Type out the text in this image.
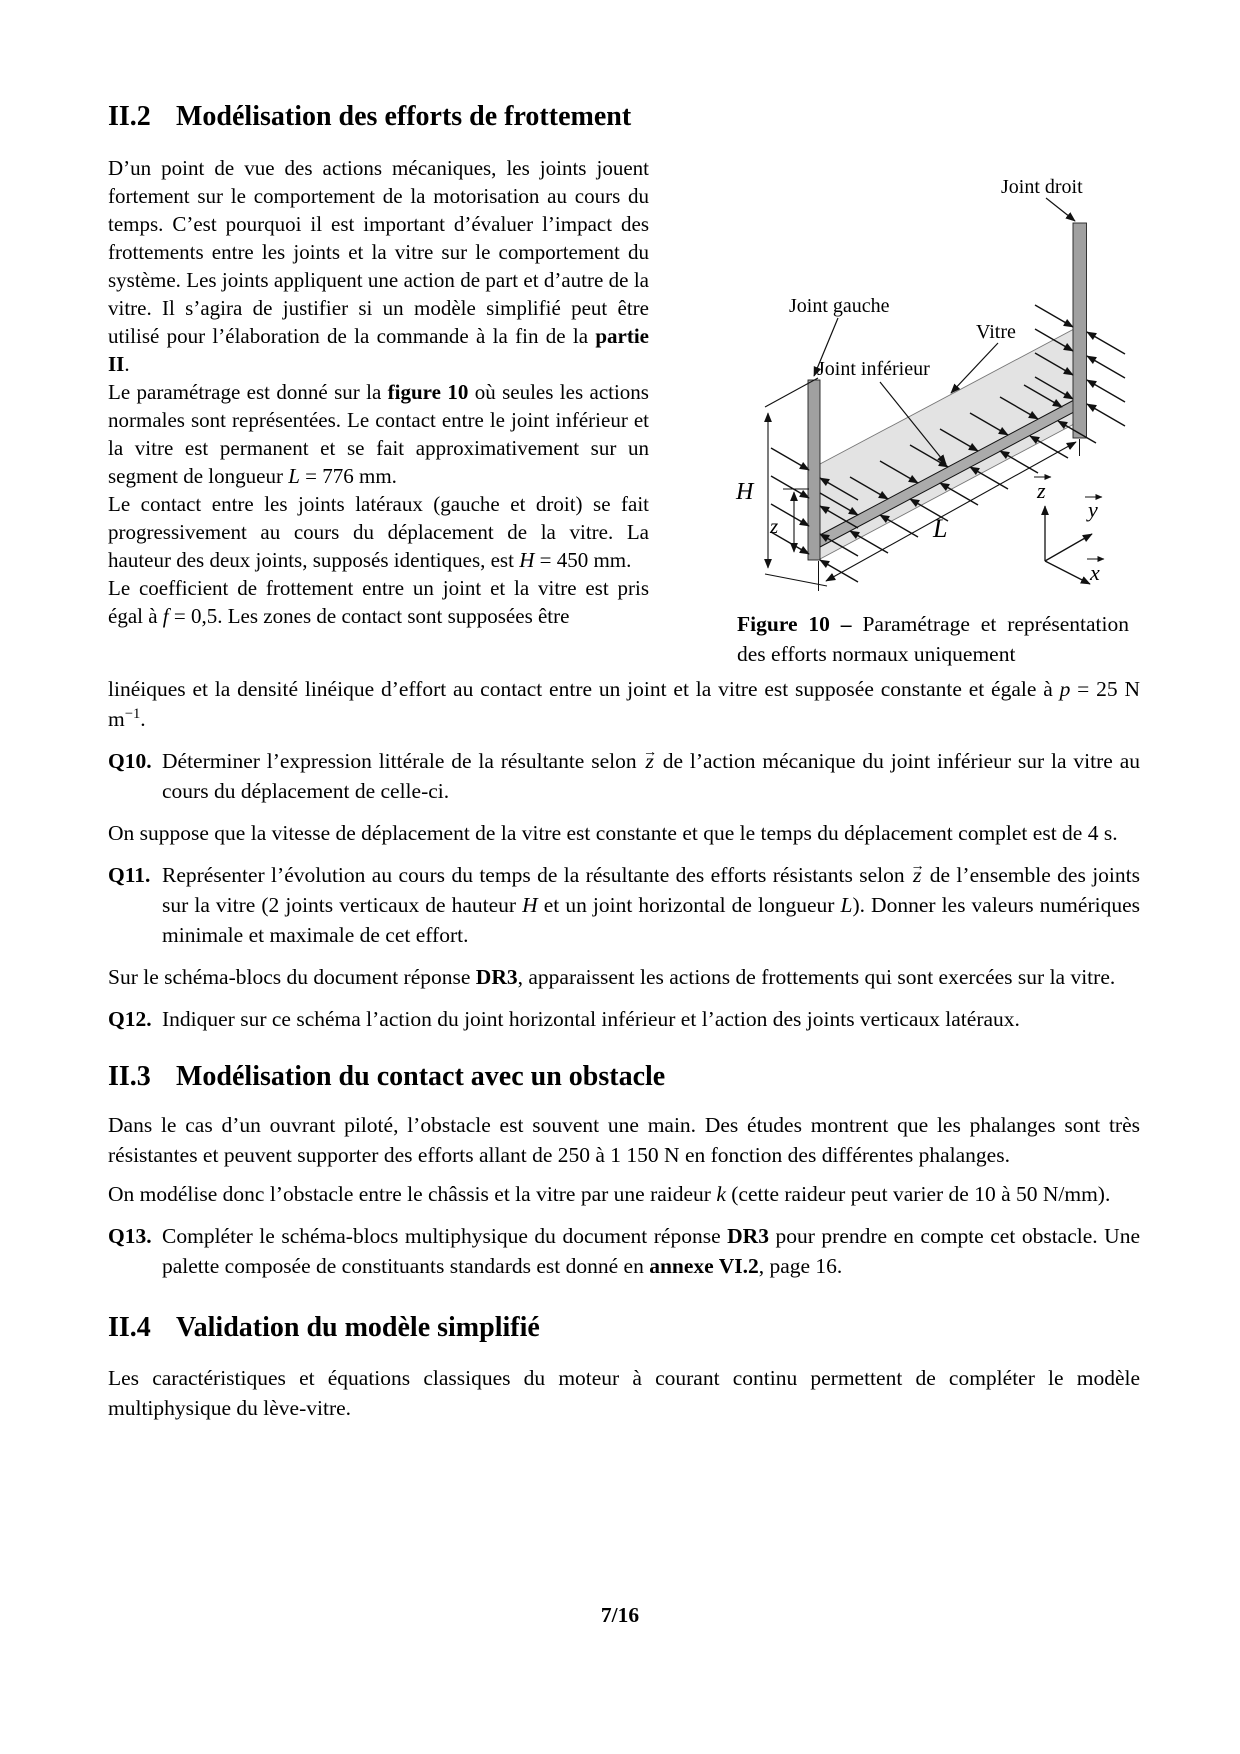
II.2 Modélisation des efforts de frottement

D’un point de vue des actions mécaniques, les joints jouent fortement sur le comportement de la motorisation au cours du temps. C’est pourquoi il est important d’évaluer l’impact des frottements entre les joints et la vitre sur le comportement du système. Les joints appliquent une action de part et d’autre de la vitre. Il s’agira de justifier si un modèle simplifié peut être utilisé pour l’élaboration de la commande à la fin de la partie II.

Le paramétrage est donné sur la figure 10 où seules les actions normales sont représentées. Le contact entre le joint inférieur et la vitre est permanent et se fait approximativement sur un segment de longueur L = 776 mm.

Le contact entre les joints latéraux (gauche et droit) se fait progressivement au cours du déplacement de la vitre. La hauteur des deux joints, supposés identiques, est H = 450 mm.

Le coefficient de frottement entre un joint et la vitre est pris égal à f = 0,5. Les zones de contact sont supposées être

linéiques et la densité linéique d’effort au contact entre un joint et la vitre est supposée constante et égale à p = 25 N $m^{-1}$.

Q10. Déterminer l’expression littérale de la résultante selon z → de l’action mécanique du joint inférieur sur la vitre au cours du déplacement de celle-ci.

On suppose que la vitesse de déplacement de la vitre est constante et que le temps du déplacement complet est de 4 s.

Q11. Représenter l’évolution au cours du temps de la résultante des efforts résistants selon z → de l’ensemble des joints sur la vitre (2 joints verticaux de hauteur H et un joint horizontal de longueur L). Donner les valeurs numériques minimale et maximale de cet effort.

Sur le schéma-blocs du document réponse DR3, apparaissent les actions de frottements qui sont exercées sur la vitre.

Q12. Indiquer sur ce schéma l’action du joint horizontal inférieur et l’action des joints verticaux latéraux.
II.3 Modélisation du contact avec un obstacle

Dans le cas d’un ouvrant piloté, l’obstacle est souvent une main. Des études montrent que les phalanges sont très résistantes et peuvent supporter des efforts allant de 250 à 1 150 N en fonction des différentes phalanges.

On modélise donc l’obstacle entre le châssis et la vitre par une raideur k (cette raideur peut varier de 10 à 50 N/mm).

Q13. Compléter le schéma-blocs multiphysique du document réponse DR3 pour prendre en compte cet obstacle. Une palette composée de constituants standards est donné en annexe VI.2, page 16.
II.4 Validation du modèle simplifié

Les caractéristiques et équations classiques du moteur à courant continu permettent de compléter le modèle multiphysique du lève-vitre.

H
z	L
Joint droit
Joint gauche
Vitre
Joint inférieur
z
y
x
Figure 10 – Paramétrage et représentation des efforts normaux uniquement
7/16
